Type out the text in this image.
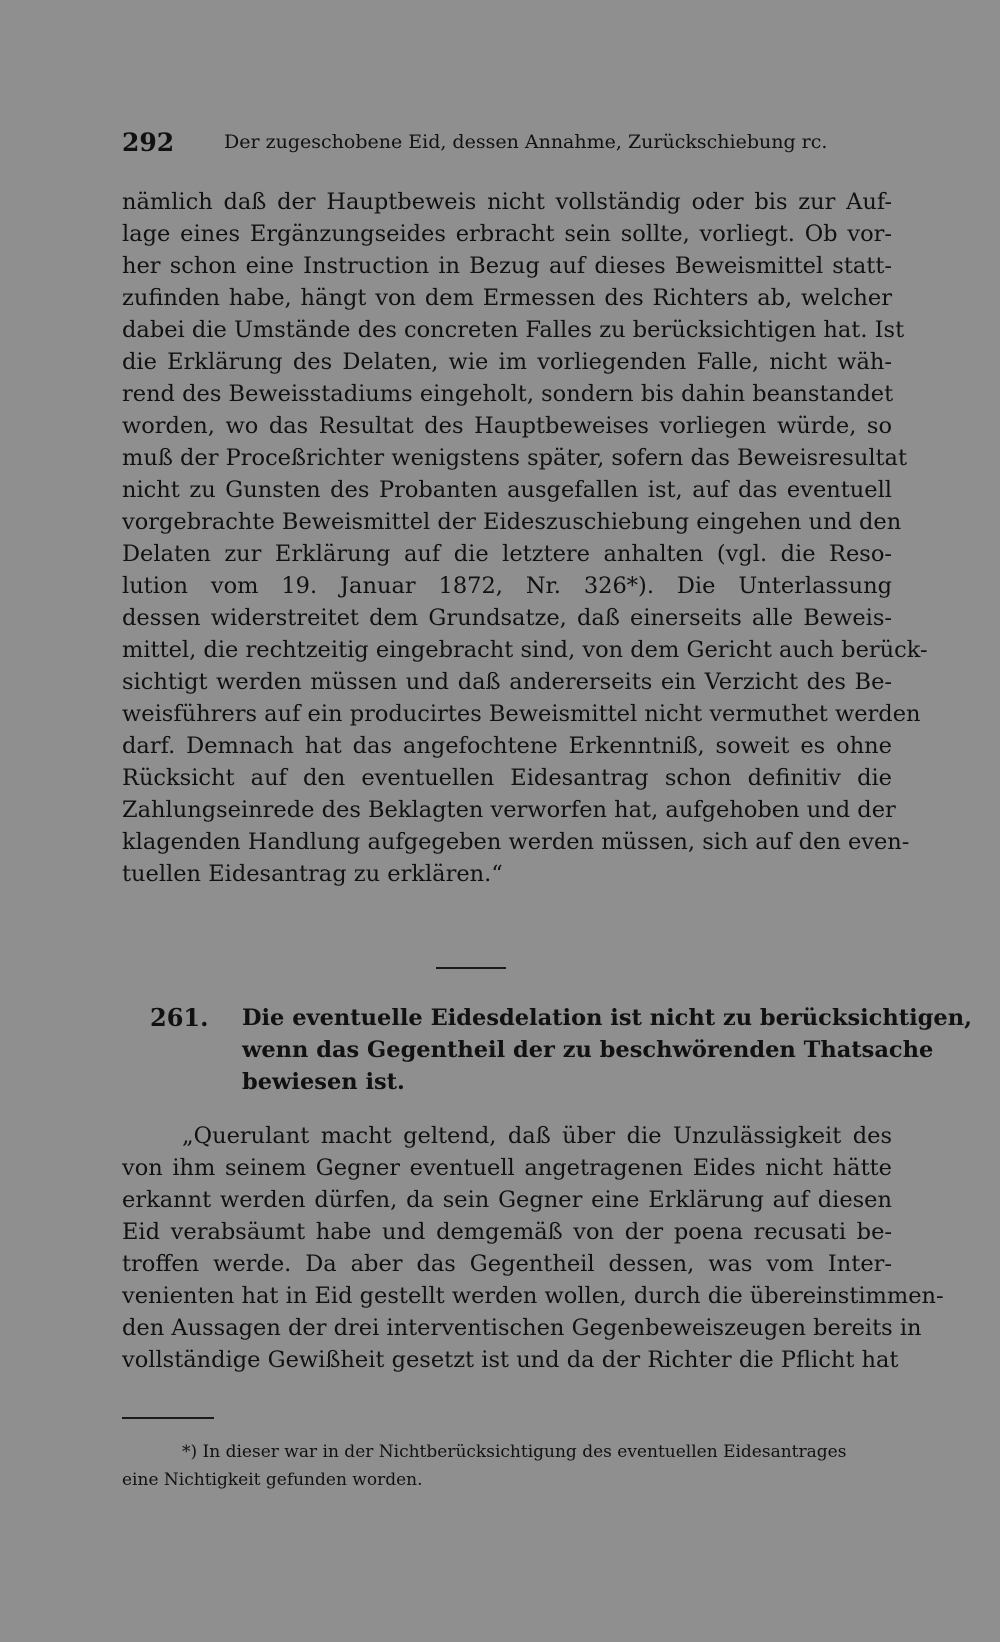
292	Der zugeschobene Eid, dessen Annahme, Zurückschiebung rc.
nämlich daß der Hauptbeweis nicht vollständig oder bis zur Auf-
lage eines Ergänzungseides erbracht sein sollte, vorliegt. Ob vor-
her schon eine Instruction in Bezug auf dieses Beweismittel statt-
zufinden habe, hängt von dem Ermessen des Richters ab, welcher
dabei die Umstände des concreten Falles zu berücksichtigen hat. Ist
die Erklärung des Delaten, wie im vorliegenden Falle, nicht wäh-
rend des Beweisstadiums eingeholt, sondern bis dahin beanstandet
worden, wo das Resultat des Hauptbeweises vorliegen würde, so
muß der Proceßrichter wenigstens später, sofern das Beweisresultat
nicht zu Gunsten des Probanten ausgefallen ist, auf das eventuell
vorgebrachte Beweismittel der Eideszuschiebung eingehen und den
Delaten zur Erklärung auf die letztere anhalten (vgl. die Reso-
lution vom 19. Januar 1872, Nr. 326*). Die Unterlassung
dessen widerstreitet dem Grundsatze, daß einerseits alle Beweis-
mittel, die rechtzeitig eingebracht sind, von dem Gericht auch berück-
sichtigt werden müssen und daß andererseits ein Verzicht des Be-
weisführers auf ein producirtes Beweismittel nicht vermuthet werden
darf. Demnach hat das angefochtene Erkenntniß, soweit es ohne
Rücksicht auf den eventuellen Eidesantrag schon definitiv die
Zahlungseinrede des Beklagten verworfen hat, aufgehoben und der
klagenden Handlung aufgegeben werden müssen, sich auf den even-
tuellen Eidesantrag zu erklären.“
261. Die eventuelle Eidesdelation ist nicht zu berücksichtigen,
wenn das Gegentheil der zu beschwörenden Thatsache
bewiesen ist.
„Querulant macht geltend, daß über die Unzulässigkeit des
von ihm seinem Gegner eventuell angetragenen Eides nicht hätte
erkannt werden dürfen, da sein Gegner eine Erklärung auf diesen
Eid verabsäumt habe und demgemäß von der poena recusati be-
troffen werde. Da aber das Gegentheil dessen, was vom Inter-
venienten hat in Eid gestellt werden wollen, durch die übereinstimmen-
den Aussagen der drei interventischen Gegenbeweiszeugen bereits in
vollständige Gewißheit gesetzt ist und da der Richter die Pflicht hat
*) In dieser war in der Nichtberücksichtigung des eventuellen Eidesantrages
eine Nichtigkeit gefunden worden.
